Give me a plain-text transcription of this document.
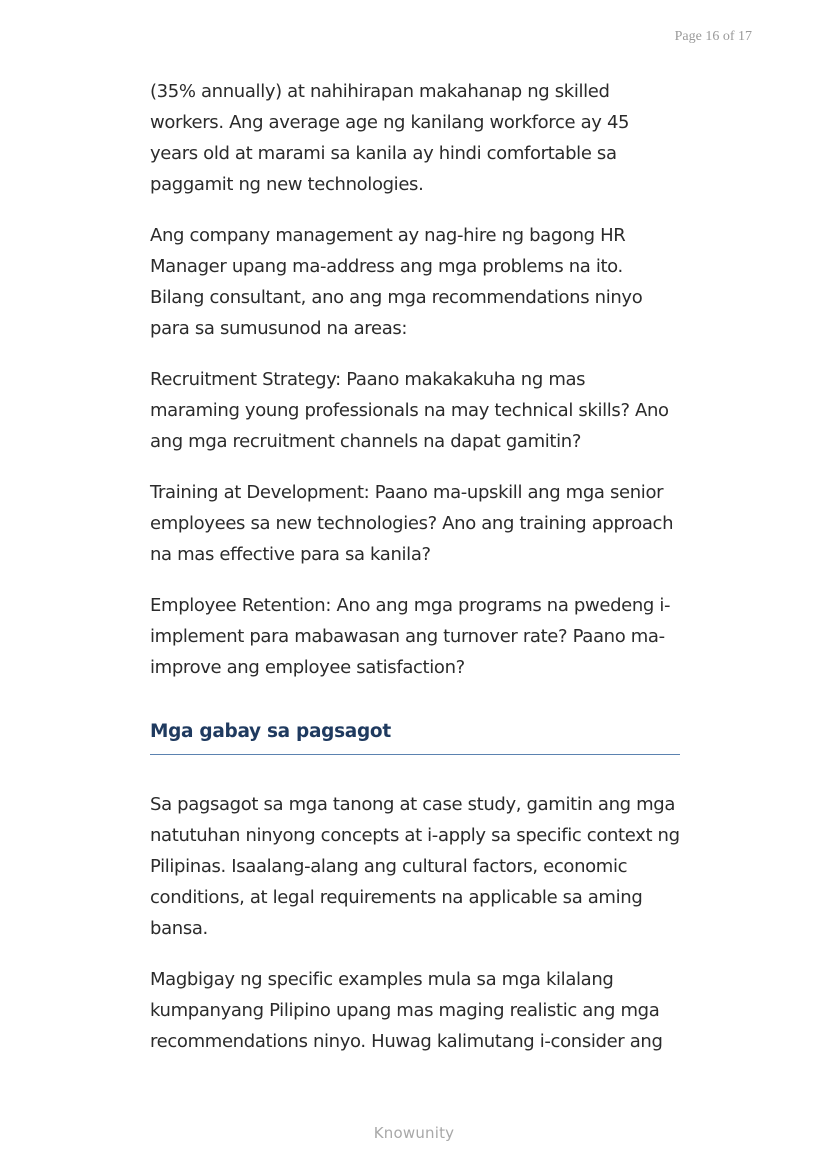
Page 16 of 17

(35% annually) at nahihirapan makahanap ng skilled workers. Ang average age ng kanilang workforce ay 45 years old at marami sa kanila ay hindi comfortable sa paggamit ng new technologies.

Ang company management ay nag-hire ng bagong HR Manager upang ma-address ang mga problems na ito. Bilang consultant, ano ang mga recommendations ninyo para sa sumusunod na areas:

Recruitment Strategy: Paano makakakuha ng mas maraming young professionals na may technical skills? Ano ang mga recruitment channels na dapat gamitin?

Training at Development: Paano ma-upskill ang mga senior employees sa new technologies? Ano ang training approach na mas effective para sa kanila?

Employee Retention: Ano ang mga programs na pwedeng i-implement para mabawasan ang turnover rate? Paano ma-improve ang employee satisfaction?

Mga gabay sa pagsagot

Sa pagsagot sa mga tanong at case study, gamitin ang mga natutuhan ninyong concepts at i-apply sa specific context ng Pilipinas. Isaalang-alang ang cultural factors, economic conditions, at legal requirements na applicable sa aming bansa.

Magbigay ng specific examples mula sa mga kilalang kumpanyang Pilipino upang mas maging realistic ang mga recommendations ninyo. Huwag kalimutang i-consider ang

Knowunity
